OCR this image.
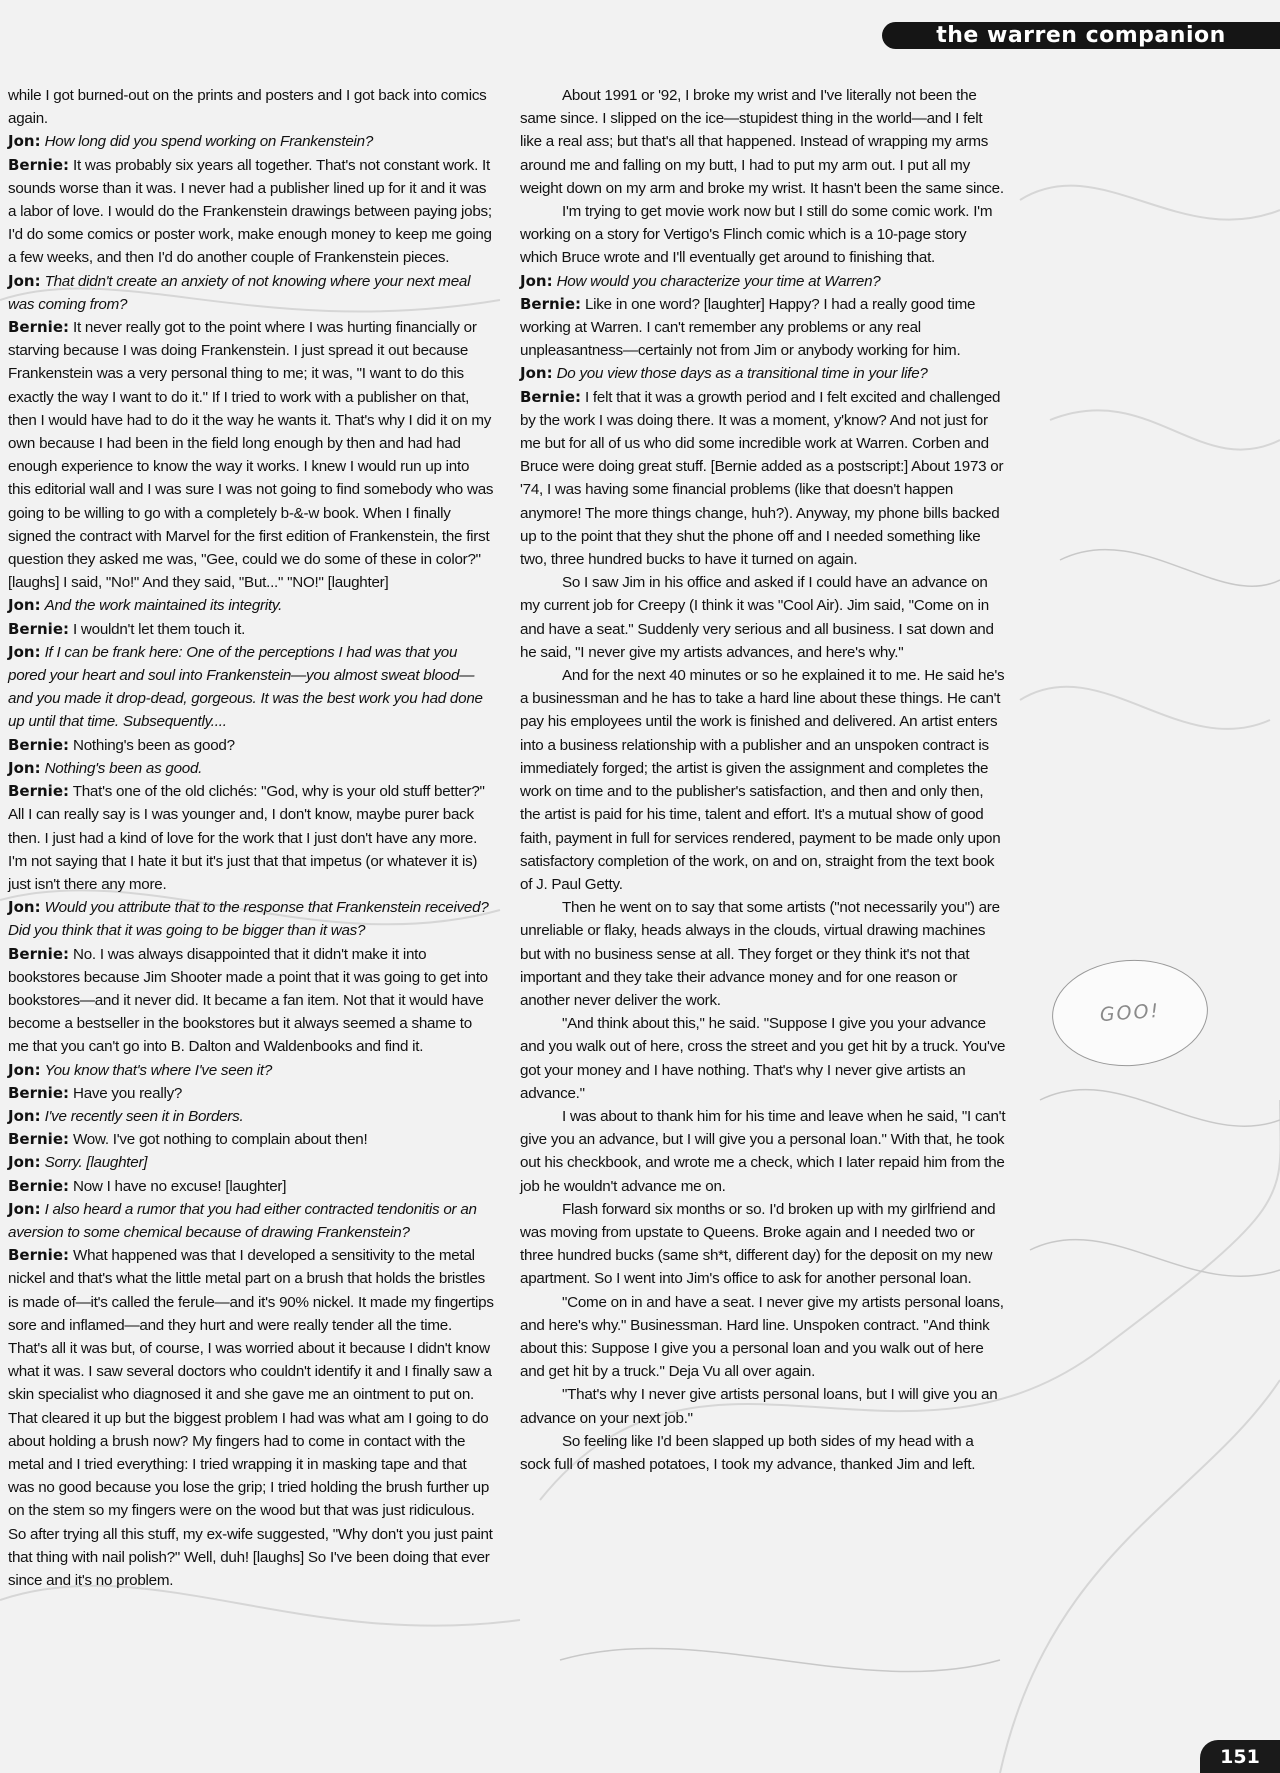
the warren companion

while I got burned-out on the prints and posters and I got back into comics again.

Jon: How long did you spend working on Frankenstein?

Bernie: It was probably six years all together. That's not constant work. It sounds worse than it was. I never had a publisher lined up for it and it was a labor of love. I would do the Frankenstein drawings between paying jobs; I'd do some comics or poster work, make enough money to keep me going a few weeks, and then I'd do another couple of Frankenstein pieces.

Jon: That didn't create an anxiety of not knowing where your next meal was coming from?

Bernie: It never really got to the point where I was hurting financially or starving because I was doing Frankenstein. I just spread it out because Frankenstein was a very personal thing to me; it was, "I want to do this exactly the way I want to do it." If I tried to work with a publisher on that, then I would have had to do it the way he wants it. That's why I did it on my own because I had been in the field long enough by then and had had enough experience to know the way it works. I knew I would run up into this editorial wall and I was sure I was not going to find somebody who was going to be willing to go with a completely b-&-w book. When I finally signed the contract with Marvel for the first edition of Frankenstein, the first question they asked me was, "Gee, could we do some of these in color?" [laughs] I said, "No!" And they said, "But..." "NO!" [laughter]

Jon: And the work maintained its integrity.

Bernie: I wouldn't let them touch it.

Jon: If I can be frank here: One of the perceptions I had was that you pored your heart and soul into Frankenstein—you almost sweat blood—and you made it drop-dead, gorgeous. It was the best work you had done up until that time. Subsequently....

Bernie: Nothing's been as good?

Jon: Nothing's been as good.

Bernie: That's one of the old clichés: "God, why is your old stuff better?" All I can really say is I was younger and, I don't know, maybe purer back then. I just had a kind of love for the work that I just don't have any more. I'm not saying that I hate it but it's just that that impetus (or whatever it is) just isn't there any more.

Jon: Would you attribute that to the response that Frankenstein received? Did you think that it was going to be bigger than it was?

Bernie: No. I was always disappointed that it didn't make it into bookstores because Jim Shooter made a point that it was going to get into bookstores—and it never did. It became a fan item. Not that it would have become a bestseller in the bookstores but it always seemed a shame to me that you can't go into B. Dalton and Waldenbooks and find it.

Jon: You know that's where I've seen it?

Bernie: Have you really?

Jon: I've recently seen it in Borders.

Bernie: Wow. I've got nothing to complain about then!

Jon: Sorry. [laughter]

Bernie: Now I have no excuse! [laughter]

Jon: I also heard a rumor that you had either contracted tendonitis or an aversion to some chemical because of drawing Frankenstein?

Bernie: What happened was that I developed a sensitivity to the metal nickel and that's what the little metal part on a brush that holds the bristles is made of—it's called the ferule—and it's 90% nickel. It made my fingertips sore and inflamed—and they hurt and were really tender all the time. That's all it was but, of course, I was worried about it because I didn't know what it was. I saw several doctors who couldn't identify it and I finally saw a skin specialist who diagnosed it and she gave me an ointment to put on. That cleared it up but the biggest problem I had was what am I going to do about holding a brush now? My fingers had to come in contact with the metal and I tried everything: I tried wrapping it in masking tape and that was no good because you lose the grip; I tried holding the brush further up on the stem so my fingers were on the wood but that was just ridiculous. So after trying all this stuff, my ex-wife suggested, "Why don't you just paint that thing with nail polish?" Well, duh! [laughs] So I've been doing that ever since and it's no problem.

About 1991 or '92, I broke my wrist and I've literally not been the same since. I slipped on the ice—stupidest thing in the world—and I felt like a real ass; but that's all that happened. Instead of wrapping my arms around me and falling on my butt, I had to put my arm out. I put all my weight down on my arm and broke my wrist. It hasn't been the same since.

I'm trying to get movie work now but I still do some comic work. I'm working on a story for Vertigo's Flinch comic which is a 10-page story which Bruce wrote and I'll eventually get around to finishing that.

Jon: How would you characterize your time at Warren?

Bernie: Like in one word? [laughter] Happy? I had a really good time working at Warren. I can't remember any problems or any real unpleasantness—certainly not from Jim or anybody working for him.

Jon: Do you view those days as a transitional time in your life?

Bernie: I felt that it was a growth period and I felt excited and challenged by the work I was doing there. It was a moment, y'know? And not just for me but for all of us who did some incredible work at Warren. Corben and Bruce were doing great stuff. [Bernie added as a postscript:] About 1973 or '74, I was having some financial problems (like that doesn't happen anymore! The more things change, huh?). Anyway, my phone bills backed up to the point that they shut the phone off and I needed something like two, three hundred bucks to have it turned on again.

So I saw Jim in his office and asked if I could have an advance on my current job for Creepy (I think it was "Cool Air). Jim said, "Come on in and have a seat." Suddenly very serious and all business. I sat down and he said, "I never give my artists advances, and here's why."

And for the next 40 minutes or so he explained it to me. He said he's a businessman and he has to take a hard line about these things. He can't pay his employees until the work is finished and delivered. An artist enters into a business relationship with a publisher and an unspoken contract is immediately forged; the artist is given the assignment and completes the work on time and to the publisher's satisfaction, and then and only then, the artist is paid for his time, talent and effort. It's a mutual show of good faith, payment in full for services rendered, payment to be made only upon satisfactory completion of the work, on and on, straight from the text book of J. Paul Getty.

Then he went on to say that some artists ("not necessarily you") are unreliable or flaky, heads always in the clouds, virtual drawing machines but with no business sense at all. They forget or they think it's not that important and they take their advance money and for one reason or another never deliver the work.

"And think about this," he said. "Suppose I give you your advance and you walk out of here, cross the street and you get hit by a truck. You've got your money and I have nothing. That's why I never give artists an advance."

I was about to thank him for his time and leave when he said, "I can't give you an advance, but I will give you a personal loan." With that, he took out his checkbook, and wrote me a check, which I later repaid him from the job he wouldn't advance me on.

Flash forward six months or so. I'd broken up with my girlfriend and was moving from upstate to Queens. Broke again and I needed two or three hundred bucks (same sh*t, different day) for the deposit on my new apartment. So I went into Jim's office to ask for another personal loan.

"Come on in and have a seat. I never give my artists personal loans, and here's why." Businessman. Hard line. Unspoken contract. "And think about this: Suppose I give you a personal loan and you walk out of here and get hit by a truck." Deja Vu all over again.

"That's why I never give artists personal loans, but I will give you an advance on your next job."

So feeling like I'd been slapped up both sides of my head with a sock full of mashed potatoes, I took my advance, thanked Jim and left.

GOO!
151
